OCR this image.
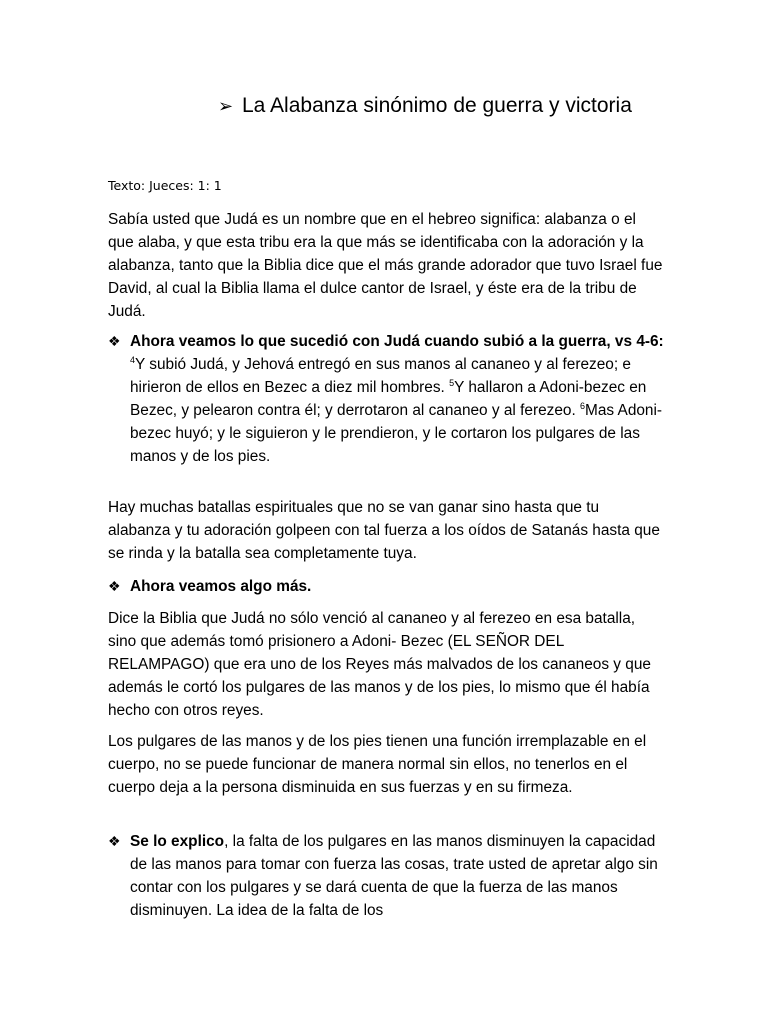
➢ La Alabanza sinónimo de guerra y victoria

Texto: Jueces: 1: 1

Sabía usted que Judá es un nombre que en el hebreo significa: alabanza o el que alaba, y que esta tribu era la que más se identificaba con la adoración y la alabanza, tanto que la Biblia dice que el más grande adorador que tuvo Israel fue David, al cual la Biblia llama el dulce cantor de Israel, y éste era de la tribu de Judá.

❖ Ahora veamos lo que sucedió con Judá cuando subió a la guerra, vs 4-6: $^4$Y subió Judá, y Jehová entregó en sus manos al cananeo y al ferezeo; e hirieron de ellos en Bezec a diez mil hombres. $^5$Y hallaron a Adoni-bezec en Bezec, y pelearon contra él; y derrotaron al cananeo y al ferezeo. $^6$Mas Adoni-bezec huyó; y le siguieron y le prendieron, y le cortaron los pulgares de las manos y de los pies.

Hay muchas batallas espirituales que no se van ganar sino hasta que tu alabanza y tu adoración golpeen con tal fuerza a los oídos de Satanás hasta que se rinda y la batalla sea completamente tuya.

❖ Ahora veamos algo más.

Dice la Biblia que Judá no sólo venció al cananeo y al ferezeo en esa batalla, sino que además tomó prisionero a Adoni- Bezec (EL SEÑOR DEL RELAMPAGO) que era uno de los Reyes más malvados de los cananeos y que además le cortó los pulgares de las manos y de los pies, lo mismo que él había hecho con otros reyes.

Los pulgares de las manos y de los pies tienen una función irremplazable en el cuerpo, no se puede funcionar de manera normal sin ellos, no tenerlos en el cuerpo deja a la persona disminuida en sus fuerzas y en su firmeza.

❖ Se lo explico, la falta de los pulgares en las manos disminuyen la capacidad de las manos para tomar con fuerza las cosas, trate usted de apretar algo sin contar con los pulgares y se dará cuenta de que la fuerza de las manos disminuyen. La idea de la falta de los
